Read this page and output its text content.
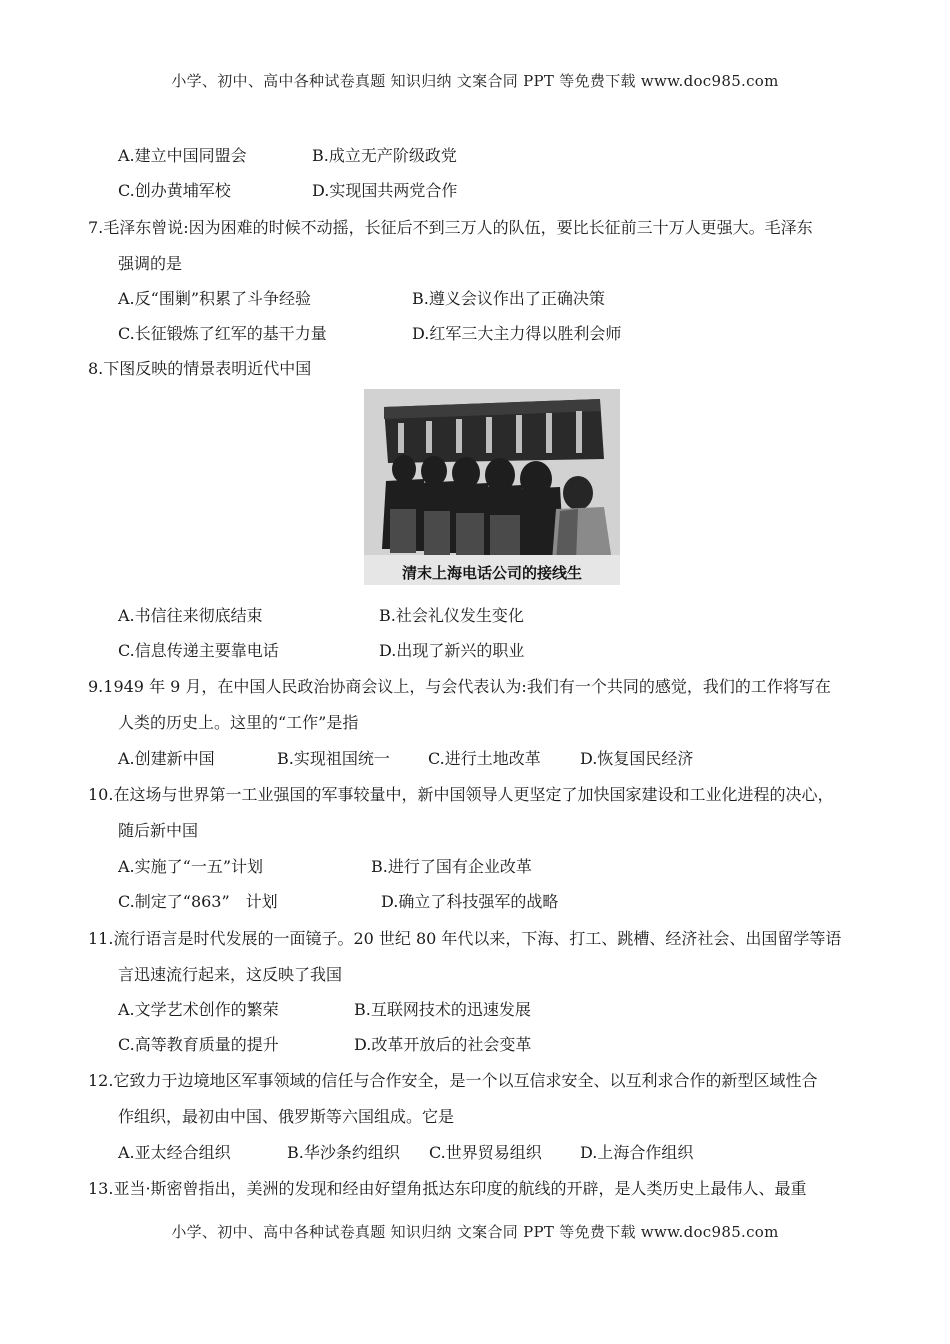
小学、初中、高中各种试卷真题 知识归纳 文案合同 PPT 等免费下载 www.doc985.com
A.建立中国同盟会	B.成立无产阶级政党
C.创办黄埔军校	D.实现国共两党合作
7.毛泽东曾说:因为困难的时候不动摇，长征后不到三万人的队伍，要比长征前三十万人更强大。毛泽东
强调的是
A.反“围剿”积累了斗争经验	B.遵义会议作出了正确决策
C.长征锻炼了红军的基干力量	D.红军三大主力得以胜利会师
8.下图反映的情景表明近代中国
清末上海电话公司的接线生
A.书信往来彻底结束	B.社会礼仪发生变化
C.信息传递主要靠电话	D.出现了新兴的职业
9.1949 年 9 月，在中国人民政治协商会议上，与会代表认为:我们有一个共同的感觉，我们的工作将写在
人类的历史上。这里的“工作”是指
A.创建新中国	B.实现祖国统一 C.进行土地改革 D.恢复国民经济
10.在这场与世界第一工业强国的军事较量中，新中国领导人更坚定了加快国家建设和工业化进程的决心，
随后新中国
A.实施了“一五”计划	B.进行了国有企业改革
C.制定了“863”　计划	D.确立了科技强军的战略
11.流行语言是时代发展的一面镜子。20 世纪 80 年代以来，下海、打工、跳槽、经济社会、出国留学等语
言迅速流行起来，这反映了我国
A.文学艺术创作的繁荣	B.互联网技术的迅速发展
C.高等教育质量的提升	D.改革开放后的社会变革
12.它致力于边境地区军事领域的信任与合作安全，是一个以互信求安全、以互利求合作的新型区域性合
作组织，最初由中国、俄罗斯等六国组成。它是
A.亚太经合组织	B.华沙条约组织 C.世界贸易组织 D.上海合作组织
13.亚当·斯密曾指出，美洲的发现和经由好望角抵达东印度的航线的开辟，是人类历史上最伟人、最重
小学、初中、高中各种试卷真题 知识归纳 文案合同 PPT 等免费下载 www.doc985.com
